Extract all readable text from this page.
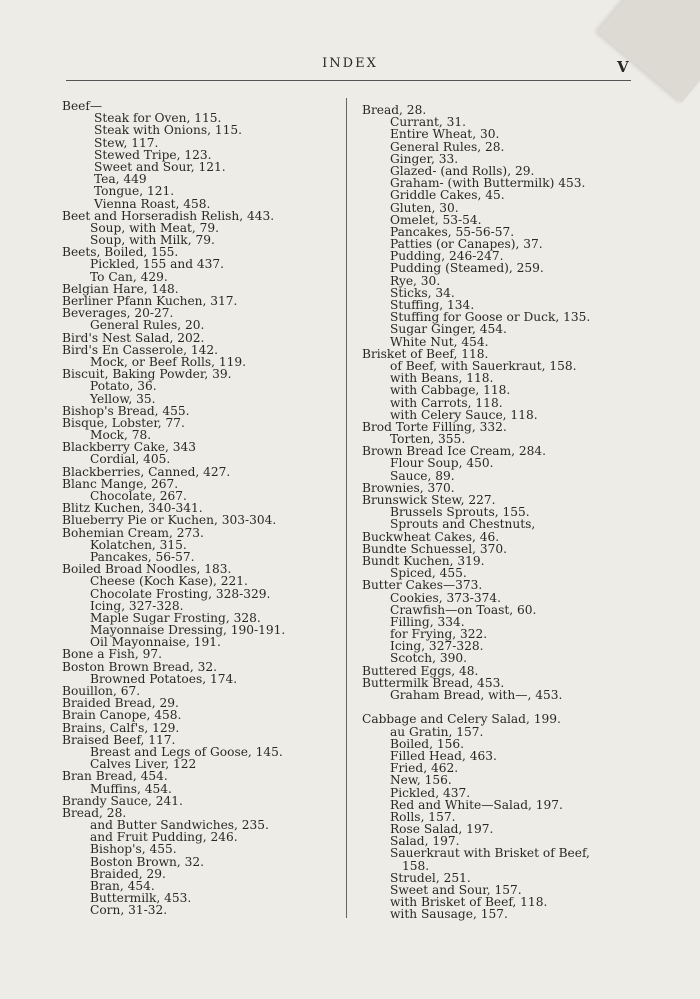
INDEX	V
Beef—
Steak for Oven, 115.
Steak with Onions, 115.
Stew, 117.
Stewed Tripe, 123.
Sweet and Sour, 121.
Tea, 449
Tongue, 121.
Vienna Roast, 458.
Beet and Horseradish Relish, 443.
Soup, with Meat, 79.
Soup, with Milk, 79.
Beets, Boiled, 155.
Pickled, 155 and 437.
To Can, 429.
Belgian Hare, 148.
Berliner Pfann Kuchen, 317.
Beverages, 20-27.
General Rules, 20.
Bird's Nest Salad, 202.
Bird's En Casserole, 142.
Mock, or Beef Rolls, 119.
Biscuit, Baking Powder, 39.
Potato, 36.
Yellow, 35.
Bishop's Bread, 455.
Bisque, Lobster, 77.
Mock, 78.
Blackberry Cake, 343
Cordial, 405.
Blackberries, Canned, 427.
Blanc Mange, 267.
Chocolate, 267.
Blitz Kuchen, 340-341.
Blueberry Pie or Kuchen, 303-304.
Bohemian Cream, 273.
Kolatchen, 315.
Pancakes, 56-57.
Boiled Broad Noodles, 183.
Cheese (Koch Kase), 221.
Chocolate Frosting, 328-329.
Icing, 327-328.
Maple Sugar Frosting, 328.
Mayonnaise Dressing, 190-191.
Oil Mayonnaise, 191.
Bone a Fish, 97.
Boston Brown Bread, 32.
Browned Potatoes, 174.
Bouillon, 67.
Braided Bread, 29.
Brain Canope, 458.
Brains, Calf's, 129.
Braised Beef, 117.
Breast and Legs of Goose, 145.
Calves Liver, 122
Bran Bread, 454.
Muffins, 454.
Brandy Sauce, 241.
Bread, 28.
and Butter Sandwiches, 235.
and Fruit Pudding, 246.
Bishop's, 455.
Boston Brown, 32.
Braided, 29.
Bran, 454.
Buttermilk, 453.
Corn, 31-32.
Bread, 28.
Currant, 31.
Entire Wheat, 30.
General Rules, 28.
Ginger, 33.
Glazed- (and Rolls), 29.
Graham- (with Buttermilk) 453.
Griddle Cakes, 45.
Gluten, 30.
Omelet, 53-54.
Pancakes, 55-56-57.
Patties (or Canapes), 37.
Pudding, 246-247.
Pudding (Steamed), 259.
Rye, 30.
Sticks, 34.
Stuffing, 134.
Stuffing for Goose or Duck, 135.
Sugar Ginger, 454.
White Nut, 454.
Brisket of Beef, 118.
of Beef, with Sauerkraut, 158.
with Beans, 118.
with Cabbage, 118.
with Carrots, 118.
with Celery Sauce, 118.
Brod Torte Filling, 332.
Torten, 355.
Brown Bread Ice Cream, 284.
Flour Soup, 450.
Sauce, 89.
Brownies, 370.
Brunswick Stew, 227.
Brussels Sprouts, 155.
Sprouts and Chestnuts,
Buckwheat Cakes, 46.
Bundte Schuessel, 370.
Bundt Kuchen, 319.
Spiced, 455.
Butter Cakes—373.
Cookies, 373-374.
Crawfish—on Toast, 60.
Filling, 334.
for Frying, 322.
Icing, 327-328.
Scotch, 390.
Buttered Eggs, 48.
Buttermilk Bread, 453.
Graham Bread, with—, 453.
Cabbage and Celery Salad, 199.
au Gratin, 157.
Boiled, 156.
Filled Head, 463.
Fried, 462.
New, 156.
Pickled, 437.
Red and White—Salad, 197.
Rolls, 157.
Rose Salad, 197.
Salad, 197.
Sauerkraut with Brisket of Beef,
158.
Strudel, 251.
Sweet and Sour, 157.
with Brisket of Beef, 118.
with Sausage, 157.
